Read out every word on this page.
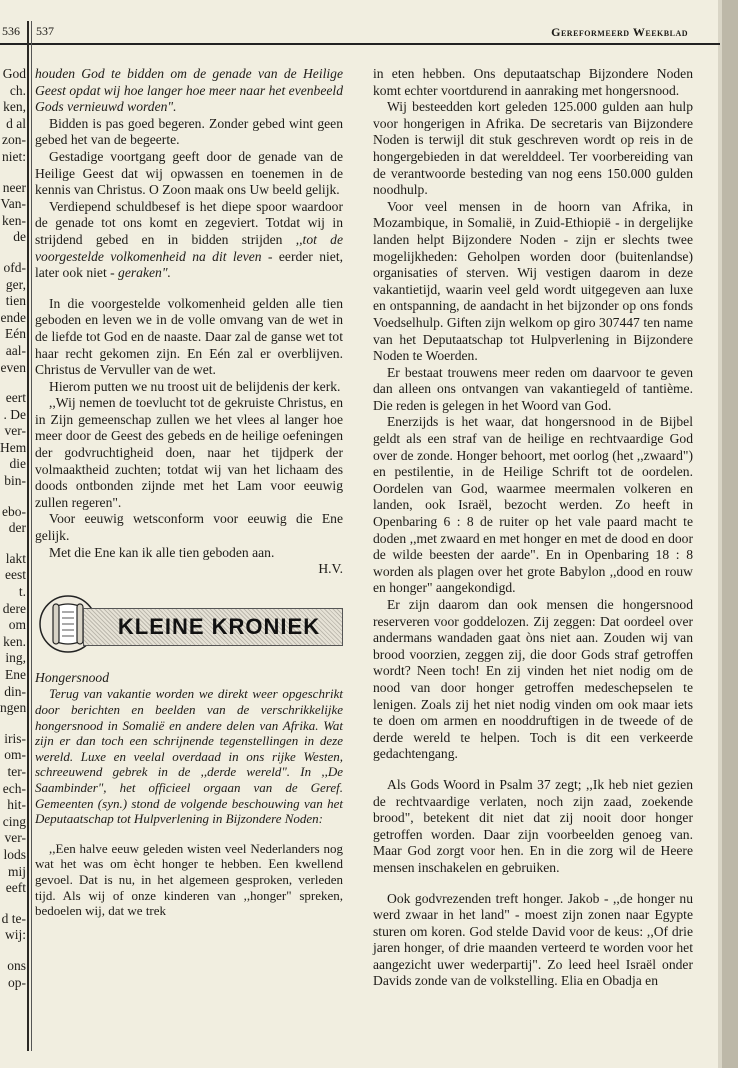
536 537	Gereformeerd Weekblad
God
ch.
ken,
d al
zon-
niet:
neer
Van-
ken-
de
ofd-
ger,
tien
ende
Eén
aal-
even
eert
. De
ver-
Hem
die
bin-
ebo-
der
lakt
eest
t.
dere
om
ken.
ing,
Ene
din-
ngen
iris-
om-
ter-
ech-
hit-
cing
ver-
lods
mij
eeft
d te-
wij:
ons
op-

houden God te bidden om de genade van de Heilige Geest opdat wij hoe langer hoe meer naar het evenbeeld Gods vernieuwd worden".

Bidden is pas goed begeren. Zonder gebed wint geen gebed het van de begeerte.

Gestadige voortgang geeft door de genade van de Heilige Geest dat wij opwassen en toenemen in de kennis van Christus. O Zoon maak ons Uw beeld gelijk.

Verdiepend schuldbesef is het diepe spoor waardoor de genade tot ons komt en zegeviert. Totdat wij in strijdend gebed en in bidden strijden ,,tot de voorgestelde volkomenheid na dit leven - eerder niet, later ook niet - geraken".

In die voorgestelde volkomenheid gelden alle tien geboden en leven we in de volle omvang van de wet in de liefde tot God en de naaste. Daar zal de ganse wet tot haar recht gekomen zijn. En Eén zal er overblijven. Christus de Vervuller van de wet.

Hierom putten we nu troost uit de belijdenis der kerk.

,,Wij nemen de toevlucht tot de gekruiste Christus, en in Zijn gemeenschap zullen we het vlees al langer hoe meer door de Geest des gebeds en de heilige oefeningen der godvruchtigheid doen, naar het tijdperk der volmaaktheid zuchten; totdat wij van het lichaam des doods ontbonden zijnde met het Lam voor eeuwig zullen regeren".

Voor eeuwig wetsconform voor eeuwig die Ene gelijk.

Met die Ene kan ik alle tien geboden aan.

H.V.

KLEINE KRONIEK

Hongersnood

Terug van vakantie worden we direkt weer opgeschrikt door berichten en beelden van de verschrikkelijke hongersnood in Somalië en andere delen van Afrika. Wat zijn er dan toch een schrijnende tegenstellingen in deze wereld. Luxe en veelal overdaad in ons rijke Westen, schreeuwend gebrek in de ,,derde wereld". In ,,De Saambinder", het officieel orgaan van de Geref. Gemeenten (syn.) stond de volgende beschouwing van het Deputaatschap tot Hulpverlening in Bijzondere Noden:

,,Een halve eeuw geleden wisten veel Nederlanders nog wat het was om ècht honger te hebben. Een kwellend gevoel. Dat is nu, in het algemeen gesproken, verleden tijd. Als wij of onze kinderen van ,,honger" spreken, bedoelen wij, dat we trek

in eten hebben. Ons deputaatschap Bijzondere Noden komt echter voortdurend in aanraking met hongersnood.

Wij besteedden kort geleden 125.000 gulden aan hulp voor hongerigen in Afrika. De secretaris van Bijzondere Noden is terwijl dit stuk geschreven wordt op reis in de hongergebieden in dat werelddeel. Ter voorbereiding van de verantwoorde besteding van nog eens 150.000 gulden noodhulp.

Voor veel mensen in de hoorn van Afrika, in Mozambique, in Somalië, in Zuid-Ethiopië - in dergelijke landen helpt Bijzondere Noden - zijn er slechts twee mogelijkheden: Geholpen worden door (buitenlandse) organisaties of sterven. Wij vestigen daarom in deze vakantietijd, waarin veel geld wordt uitgegeven aan luxe en ontspanning, de aandacht in het bijzonder op ons fonds Voedselhulp. Giften zijn welkom op giro 307447 ten name van het Deputaatschap tot Hulpverlening in Bijzondere Noden te Woerden.

Er bestaat trouwens meer reden om daarvoor te geven dan alleen ons ontvangen van vakantiegeld of tantième. Die reden is gelegen in het Woord van God.

Enerzijds is het waar, dat hongersnood in de Bijbel geldt als een straf van de heilige en rechtvaardige God over de zonde. Honger behoort, met oorlog (het ,,zwaard") en pestilentie, in de Heilige Schrift tot de oordelen. Oordelen van God, waarmee meermalen volkeren en landen, ook Israël, bezocht werden. Zo heeft in Openbaring 6 : 8 de ruiter op het vale paard macht te doden ,,met zwaard en met honger en met de dood en door de wilde beesten der aarde". En in Openbaring 18 : 8 worden als plagen over het grote Babylon ,,dood en rouw en honger" aangekondigd.

Er zijn daarom dan ook mensen die hongersnood reserveren voor goddelozen. Zij zeggen: Dat oordeel over andermans wandaden gaat òns niet aan. Zouden wij van brood voorzien, zeggen zij, die door Gods straf getroffen wordt? Neen toch! En zij vinden het niet nodig om de nood van door honger getroffen medeschepselen te lenigen. Zoals zij het niet nodig vinden om ook maar iets te doen om armen en nooddruftigen in de tweede of de derde wereld te helpen. Toch is dit een verkeerde gedachtengang.

Als Gods Woord in Psalm 37 zegt; ,,Ik heb niet gezien de rechtvaardige verlaten, noch zijn zaad, zoekende brood", betekent dit niet dat zij nooit door honger getroffen worden. Daar zijn voorbeelden genoeg van. Maar God zorgt voor hen. En in die zorg wil de Heere mensen inschakelen en gebruiken.

Ook godvrezenden treft honger. Jakob - ,,de honger nu werd zwaar in het land" - moest zijn zonen naar Egypte sturen om koren. God stelde David voor de keus: ,,Of drie jaren honger, of drie maanden verteerd te worden voor het aangezicht uwer wederpartij". Zo leed heel Israël onder Davids zonde van de volkstelling. Elia en Obadja en
